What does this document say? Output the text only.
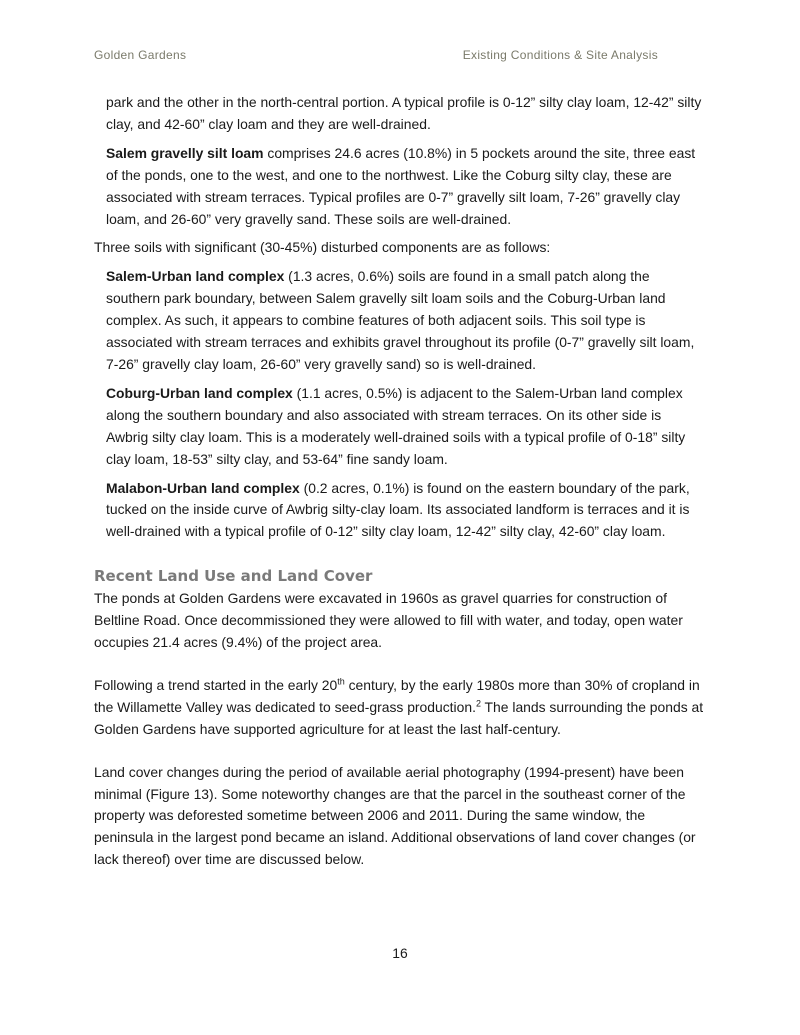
Golden Gardens	Existing Conditions & Site Analysis

park and the other in the north-central portion. A typical profile is 0-12” silty clay loam, 12-42” silty clay, and 42-60” clay loam and they are well-drained.

Salem gravelly silt loam comprises 24.6 acres (10.8%) in 5 pockets around the site, three east of the ponds, one to the west, and one to the northwest. Like the Coburg silty clay, these are associated with stream terraces. Typical profiles are 0-7” gravelly silt loam, 7-26” gravelly clay loam, and 26-60” very gravelly sand. These soils are well-drained.

Three soils with significant (30-45%) disturbed components are as follows:

Salem-Urban land complex (1.3 acres, 0.6%) soils are found in a small patch along the southern park boundary, between Salem gravelly silt loam soils and the Coburg-Urban land complex. As such, it appears to combine features of both adjacent soils. This soil type is associated with stream terraces and exhibits gravel throughout its profile (0-7” gravelly silt loam, 7-26” gravelly clay loam, 26-60” very gravelly sand) so is well-drained.

Coburg-Urban land complex (1.1 acres, 0.5%) is adjacent to the Salem-Urban land complex along the southern boundary and also associated with stream terraces. On its other side is Awbrig silty clay loam. This is a moderately well-drained soils with a typical profile of 0-18” silty clay loam, 18-53” silty clay, and 53-64” fine sandy loam.

Malabon-Urban land complex (0.2 acres, 0.1%) is found on the eastern boundary of the park, tucked on the inside curve of Awbrig silty-clay loam. Its associated landform is terraces and it is well-drained with a typical profile of 0-12” silty clay loam, 12-42” silty clay, 42-60” clay loam.

Recent Land Use and Land Cover

The ponds at Golden Gardens were excavated in 1960s as gravel quarries for construction of Beltline Road. Once decommissioned they were allowed to fill with water, and today, open water occupies 21.4 acres (9.4%) of the project area.

Following a trend started in the early 20th century, by the early 1980s more than 30% of cropland in the Willamette Valley was dedicated to seed-grass production.$^2$ The lands surrounding the ponds at Golden Gardens have supported agriculture for at least the last half-century.

Land cover changes during the period of available aerial photography (1994-present) have been minimal (Figure 13). Some noteworthy changes are that the parcel in the southeast corner of the property was deforested sometime between 2006 and 2011. During the same window, the peninsula in the largest pond became an island. Additional observations of land cover changes (or lack thereof) over time are discussed below.

16
